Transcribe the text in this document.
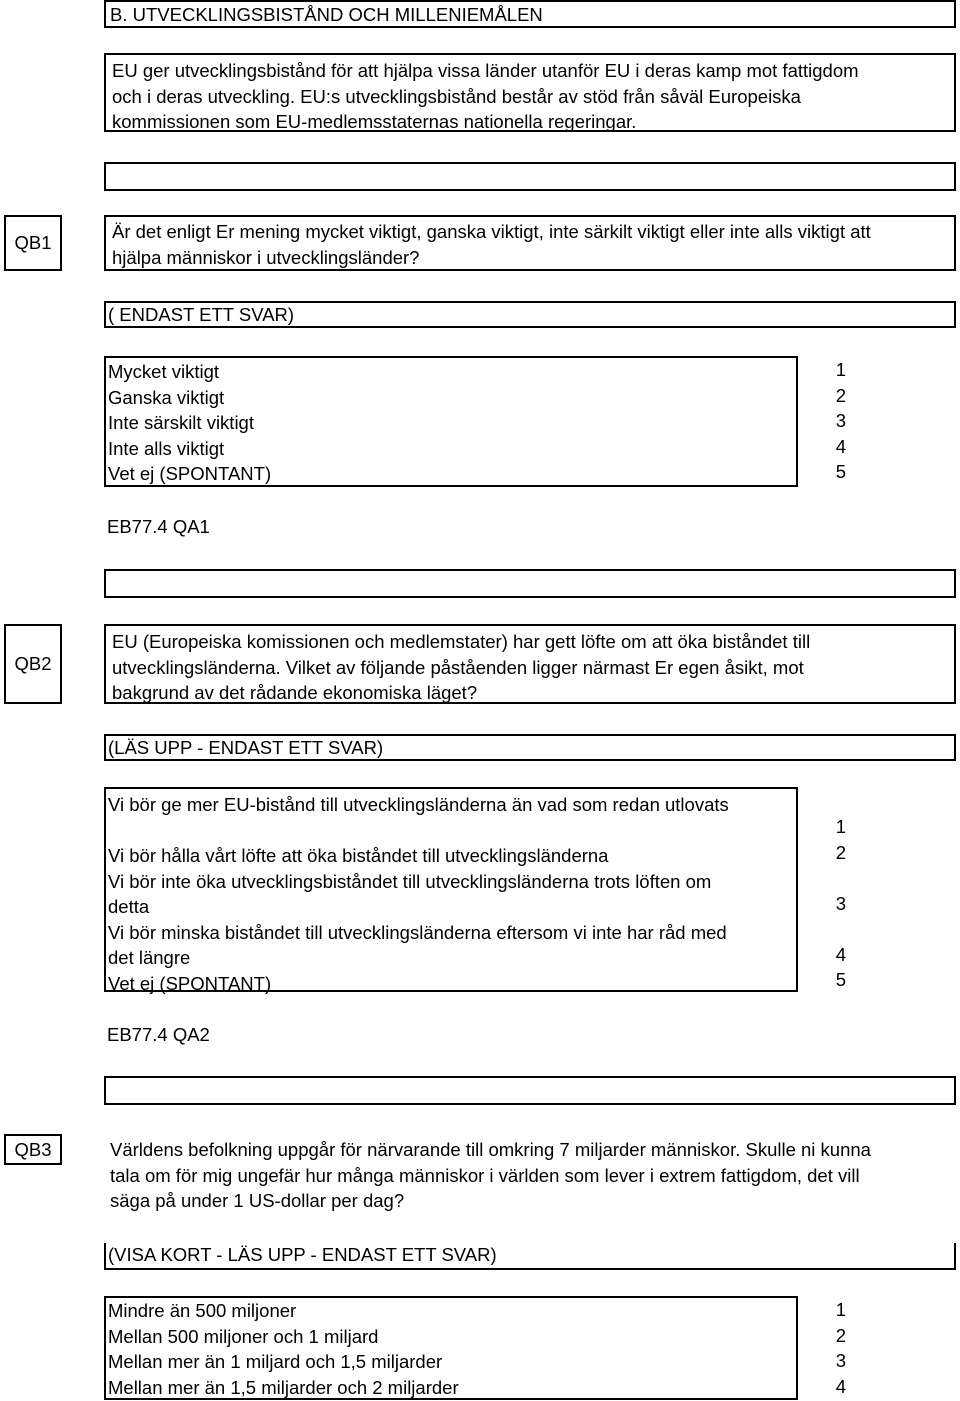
B. UTVECKLINGSBISTÅND OCH MILLENIEMÅLEN
EU ger utvecklingsbistånd för att hjälpa vissa länder utanför EU i deras kamp mot fattigdom
och i deras utveckling. EU:s utvecklingsbistånd består av stöd från såväl Europeiska
kommissionen som EU-medlemsstaternas nationella regeringar.
QB1
Är det enligt Er mening mycket viktigt, ganska viktigt, inte särkilt viktigt eller inte alls viktigt att
hjälpa människor i utvecklingsländer?
( ENDAST ETT SVAR)
Mycket viktigt
Ganska viktigt
Inte särskilt viktigt
Inte alls viktigt
Vet ej (SPONTANT)
1
2
3
4
5
EB77.4 QA1
QB2
EU (Europeiska komissionen och medlemstater) har gett löfte om att öka biståndet till
utvecklingsländerna. Vilket av följande påståenden ligger närmast Er egen åsikt, mot
bakgrund av det rådande ekonomiska läget?
(LÄS UPP - ENDAST ETT SVAR)
Vi bör ge mer EU-bistånd till utvecklingsländerna än vad som redan utlovats
Vi bör hålla vårt löfte att öka biståndet till utvecklingsländerna
Vi bör inte öka utvecklingsbiståndet till utvecklingsländerna trots löften om
detta
Vi bör minska biståndet till utvecklingsländerna eftersom vi inte har råd med
det längre
Vet ej (SPONTANT)
1
2
3
4
5
EB77.4 QA2
QB3	Världens befolkning uppgår för närvarande till omkring 7 miljarder människor. Skulle ni kunna
tala om för mig ungefär hur många människor i världen som lever i extrem fattigdom, det vill
säga på under 1 US-dollar per dag?
(VISA KORT - LÄS UPP - ENDAST ETT SVAR)
Mindre än 500 miljoner
Mellan 500 miljoner och 1 miljard
Mellan mer än 1 miljard och 1,5 miljarder
Mellan mer än 1,5 miljarder och 2 miljarder
1
2
3
4
